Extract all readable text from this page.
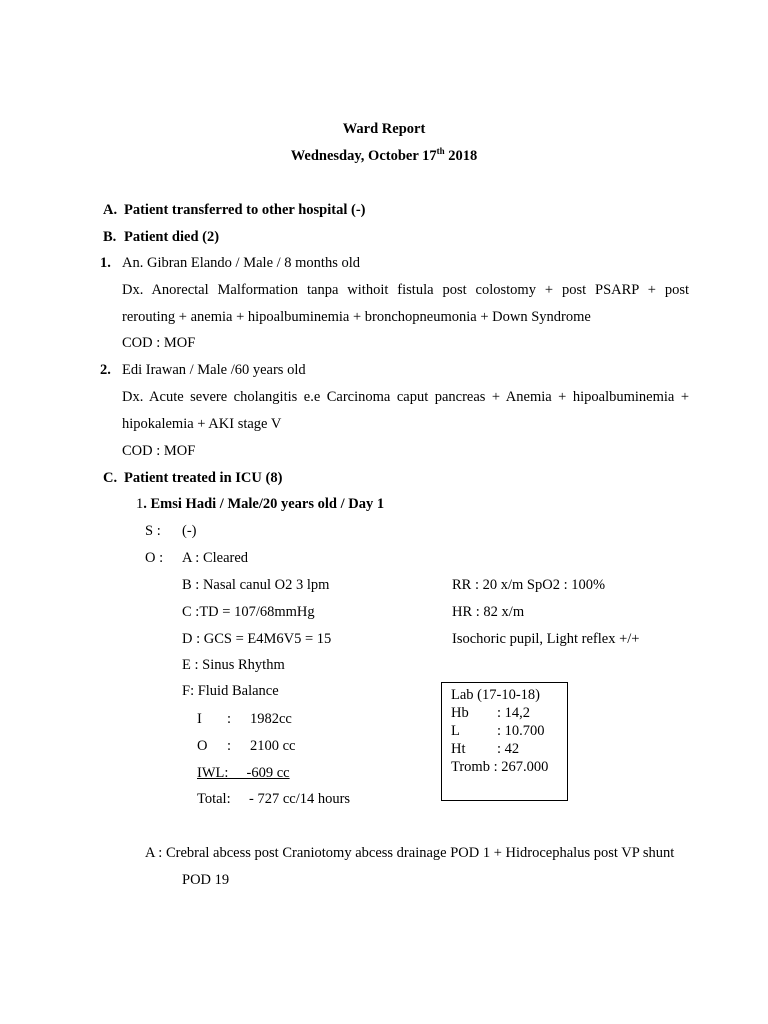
Ward Report
Wednesday, October 17th 2018
A. Patient transferred to other hospital (-)
B. Patient died (2)
1. An. Gibran Elando / Male / 8 months old
Dx. Anorectal Malformation tanpa withoit fistula post colostomy + post PSARP + post
rerouting + anemia + hipoalbuminemia + bronchopneumonia + Down Syndrome
COD : MOF
2. Edi Irawan / Male /60 years old
Dx. Acute severe cholangitis e.e Carcinoma caput pancreas + Anemia + hipoalbuminemia +
hipokalemia + AKI stage V
COD : MOF
C. Patient treated in ICU (8)
1. Emsi Hadi / Male/20 years old / Day 1
S : (-)
O : A : Cleared
B : Nasal canul O2 3 lpm	RR : 20 x/m SpO2 : 100%
C :TD = 107/68mmHg	HR : 82 x/m
D : GCS = E4M6V5 = 15	Isochoric pupil, Light reflex +/+
E : Sinus Rhythm
F: Fluid Balance
I : 1982cc
O : 2100 cc
IWL:     -609 cc
Total: - 727 cc/14 hours
Lab (17-10-18)
Hb : 14,2
L	: 10.700
Ht : 42
Tromb : 267.000
A : Crebral abcess post Craniotomy abcess drainage POD 1 + Hidrocephalus post VP shunt
POD 19
